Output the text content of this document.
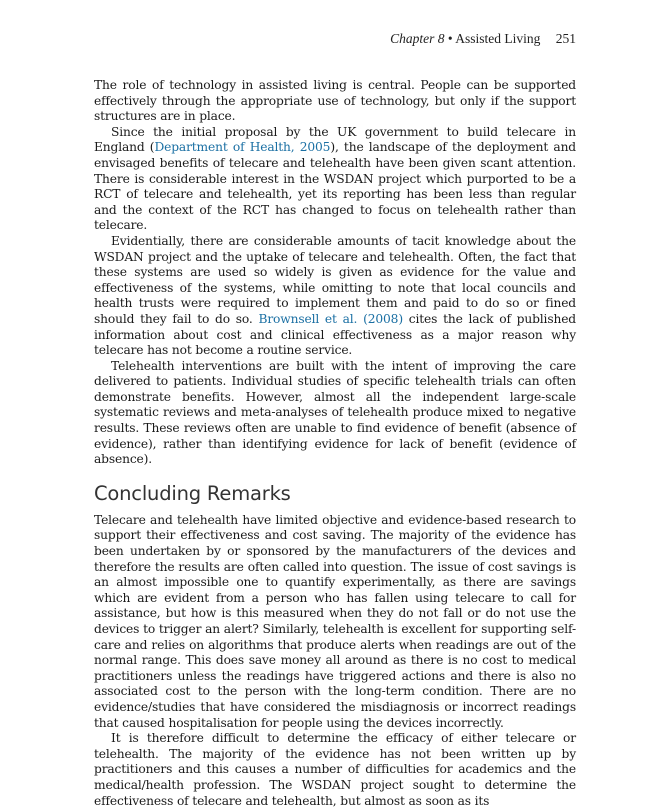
Chapter 8 • Assisted Living 251

The role of technology in assisted living is central. People can be supported effectively through the appropriate use of technology, but only if the support structures are in place.

Since the initial proposal by the UK government to build telecare in England (Department of Health, 2005), the landscape of the deployment and envisaged benefits of telecare and telehealth have been given scant attention. There is considerable interest in the WSDAN project which purported to be a RCT of telecare and telehealth, yet its reporting has been less than regular and the context of the RCT has changed to focus on telehealth rather than telecare.

Evidentially, there are considerable amounts of tacit knowledge about the WSDAN project and the uptake of telecare and telehealth. Often, the fact that these systems are used so widely is given as evidence for the value and effectiveness of the systems, while omitting to note that local councils and health trusts were required to implement them and paid to do so or fined should they fail to do so. Brownsell et al. (2008) cites the lack of published information about cost and clinical effectiveness as a major reason why telecare has not become a routine service.

Telehealth interventions are built with the intent of improving the care delivered to patients. Individual studies of specific telehealth trials can often demonstrate benefits. However, almost all the independent large-scale systematic reviews and meta-analyses of telehealth produce mixed to negative results. These reviews often are unable to find evidence of benefit (absence of evidence), rather than identifying evidence for lack of benefit (evidence of absence).

Concluding Remarks

Telecare and telehealth have limited objective and evidence-based research to support their effectiveness and cost saving. The majority of the evidence has been undertaken by or sponsored by the manufacturers of the devices and therefore the results are often called into question. The issue of cost savings is an almost impossible one to quantify experimentally, as there are savings which are evident from a person who has fallen using telecare to call for assistance, but how is this measured when they do not fall or do not use the devices to trigger an alert? Similarly, telehealth is excellent for supporting self-care and relies on algorithms that produce alerts when readings are out of the normal range. This does save money all around as there is no cost to medical practitioners unless the readings have triggered actions and there is also no associated cost to the person with the long-term condition. There are no evidence/studies that have considered the misdiagnosis or incorrect readings that caused hospitalisation for people using the devices incorrectly.

It is therefore difficult to determine the efficacy of either telecare or telehealth. The majority of the evidence has not been written up by practitioners and this causes a number of difficulties for academics and the medical/health profession. The WSDAN project sought to determine the effectiveness of telecare and telehealth, but almost as soon as its
